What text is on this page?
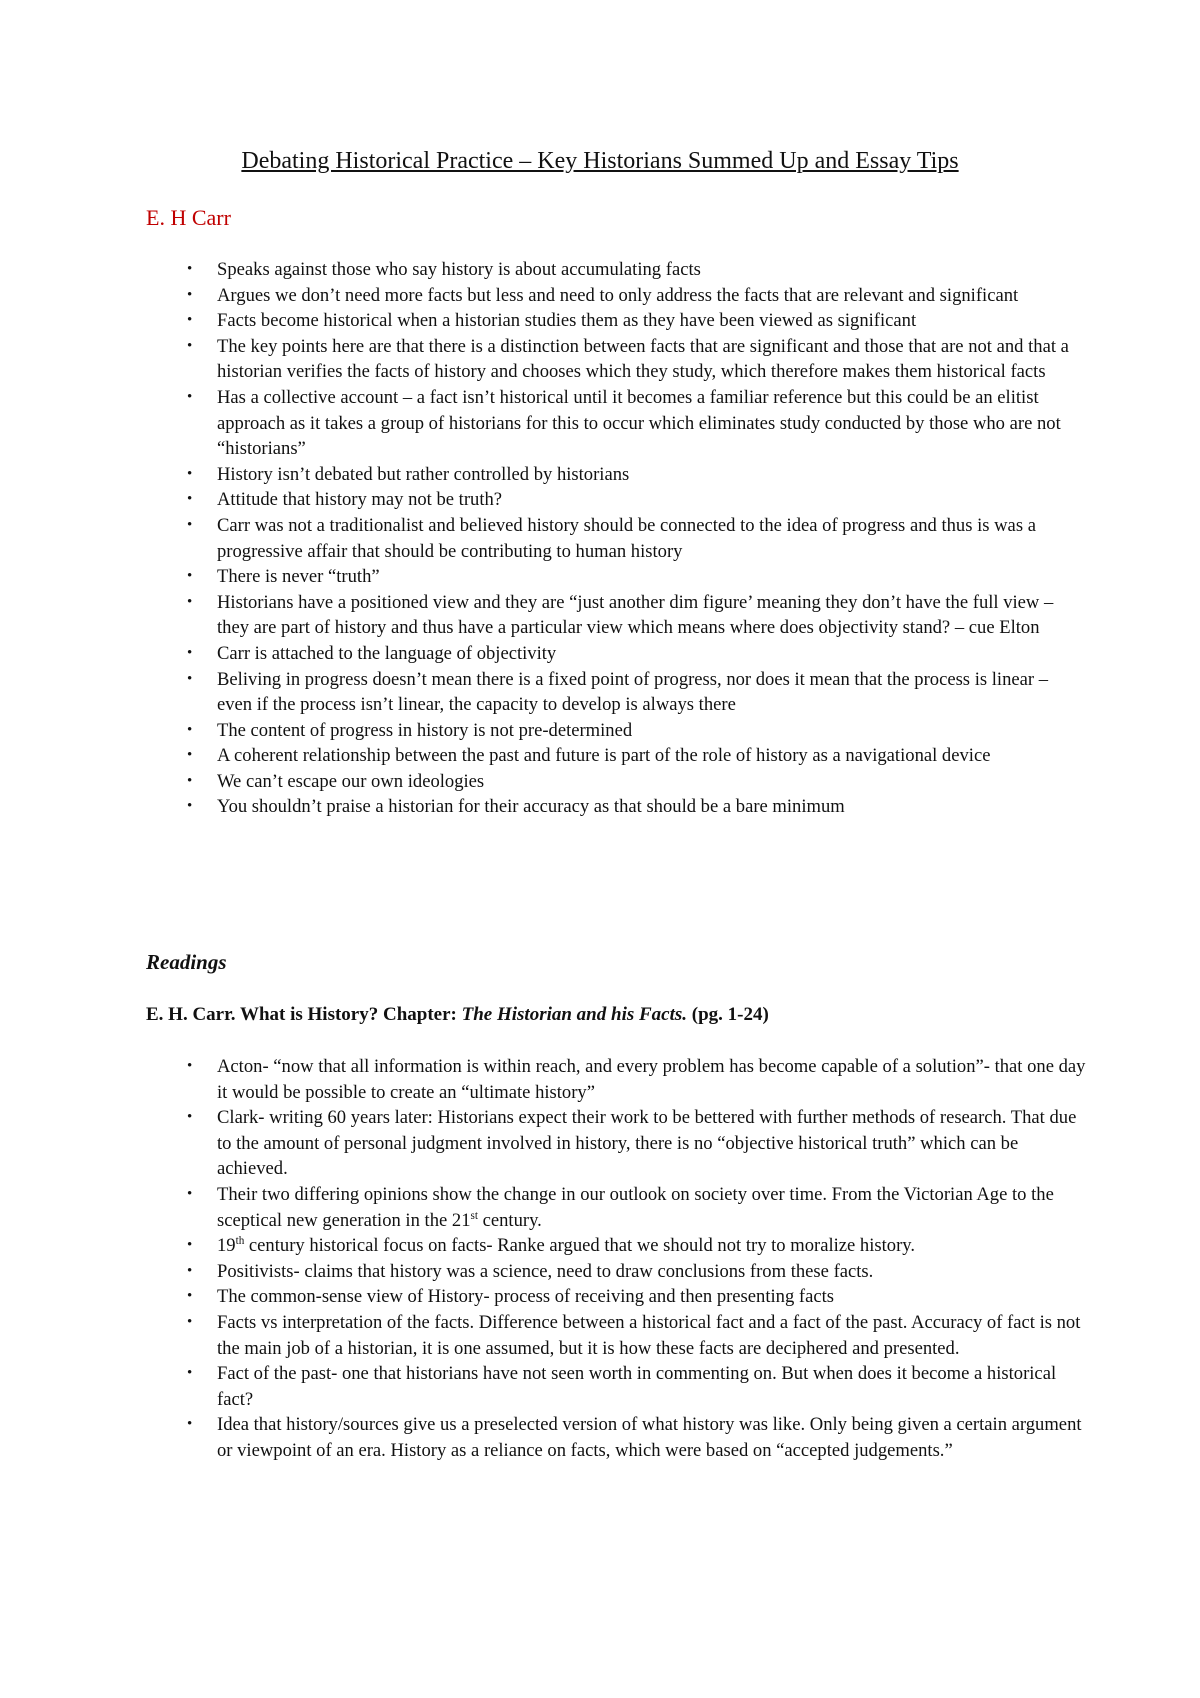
Debating Historical Practice – Key Historians Summed Up and Essay Tips
E. H Carr
• Speaks against those who say history is about accumulating facts
• Argues we don’t need more facts but less and need to only address the facts that are relevant and significant
• Facts become historical when a historian studies them as they have been viewed as significant
• The key points here are that there is a distinction between facts that are significant and those that are not and that a historian verifies the facts of history and chooses which they study, which therefore makes them historical facts
• Has a collective account – a fact isn’t historical until it becomes a familiar reference but this could be an elitist approach as it takes a group of historians for this to occur which eliminates study conducted by those who are not “historians”
• History isn’t debated but rather controlled by historians
• Attitude that history may not be truth?
• Carr was not a traditionalist and believed history should be connected to the idea of progress and thus is was a progressive affair that should be contributing to human history
• There is never “truth”
• Historians have a positioned view and they are “just another dim figure’ meaning they don’t have the full view – they are part of history and thus have a particular view which means where does objectivity stand? – cue Elton
• Carr is attached to the language of objectivity
• Beliving in progress doesn’t mean there is a fixed point of progress, nor does it mean that the process is linear – even if the process isn’t linear, the capacity to develop is always there
• The content of progress in history is not pre-determined
• A coherent relationship between the past and future is part of the role of history as a navigational device
• We can’t escape our own ideologies
• You shouldn’t praise a historian for their accuracy as that should be a bare minimum
Readings

E. H. Carr. What is History? Chapter: The Historian and his Facts. (pg. 1-24)

• Acton- “now that all information is within reach, and every problem has become capable of a solution”- that one day it would be possible to create an “ultimate history”
• Clark- writing 60 years later: Historians expect their work to be bettered with further methods of research. That due to the amount of personal judgment involved in history, there is no “objective historical truth” which can be achieved.
• Their two differing opinions show the change in our outlook on society over time. From the Victorian Age to the sceptical new generation in the 21st century.
• 19th century historical focus on facts- Ranke argued that we should not try to moralize history.
• Positivists- claims that history was a science, need to draw conclusions from these facts.
• The common-sense view of History- process of receiving and then presenting facts
• Facts vs interpretation of the facts. Difference between a historical fact and a fact of the past. Accuracy of fact is not the main job of a historian, it is one assumed, but it is how these facts are deciphered and presented.
• Fact of the past- one that historians have not seen worth in commenting on. But when does it become a historical fact?
• Idea that history/sources give us a preselected version of what history was like. Only being given a certain argument or viewpoint of an era. History as a reliance on facts, which were based on “accepted judgements.”
